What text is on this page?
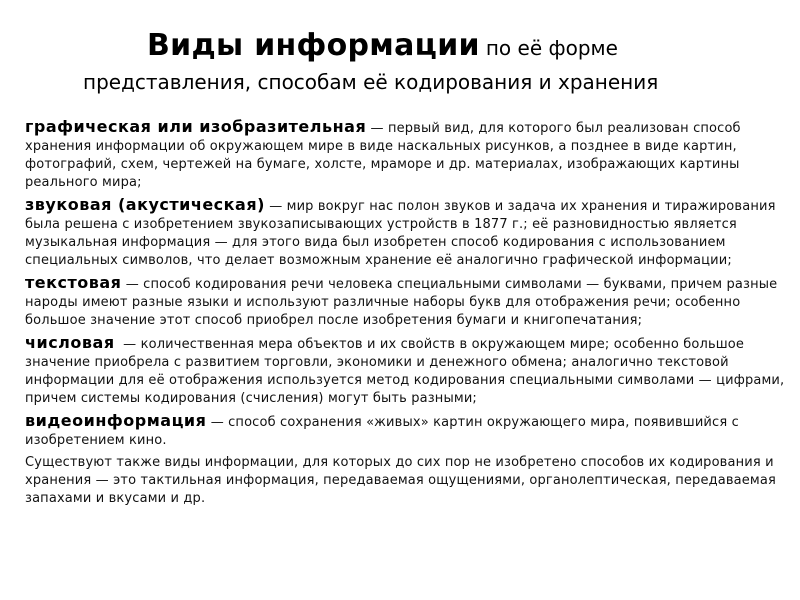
Виды информации по её форме
представления, способам её кодирования и хранения

графическая или изобразительная — первый вид, для которого был реализован способ хранения информации об окружающем мире в виде наскальных рисунков, а позднее в виде картин, фотографий, схем, чертежей на бумаге, холсте, мраморе и др. материалах, изображающих картины реального мира;

звуковая (акустическая) — мир вокруг нас полон звуков и задача их хранения и тиражирования была решена с изобретением звукозаписывающих устройств в 1877 г.; её разновидностью является музыкальная информация — для этого вида был изобретен способ кодирования с использованием специальных символов, что делает возможным хранение её аналогично графической информации;

текстовая — способ кодирования речи человека специальными символами — буквами, причем разные народы имеют разные языки и используют различные наборы букв для отображения речи; особенно большое значение этот способ приобрел после изобретения бумаги и книгопечатания;

числовая  — количественная мера объектов и их свойств в окружающем мире; особенно большое значение приобрела с развитием торговли, экономики и денежного обмена; аналогично текстовой информации для её отображения используется метод кодирования специальными символами — цифрами, причем системы кодирования (счисления) могут быть разными;

видеоинформация — способ сохранения «живых» картин окружающего мира, появившийся с изобретением кино.

Существуют также виды информации, для которых до сих пор не изобретено способов их кодирования и хранения — это тактильная информация, передаваемая ощущениями, органолептическая, передаваемая запахами и вкусами и др.
